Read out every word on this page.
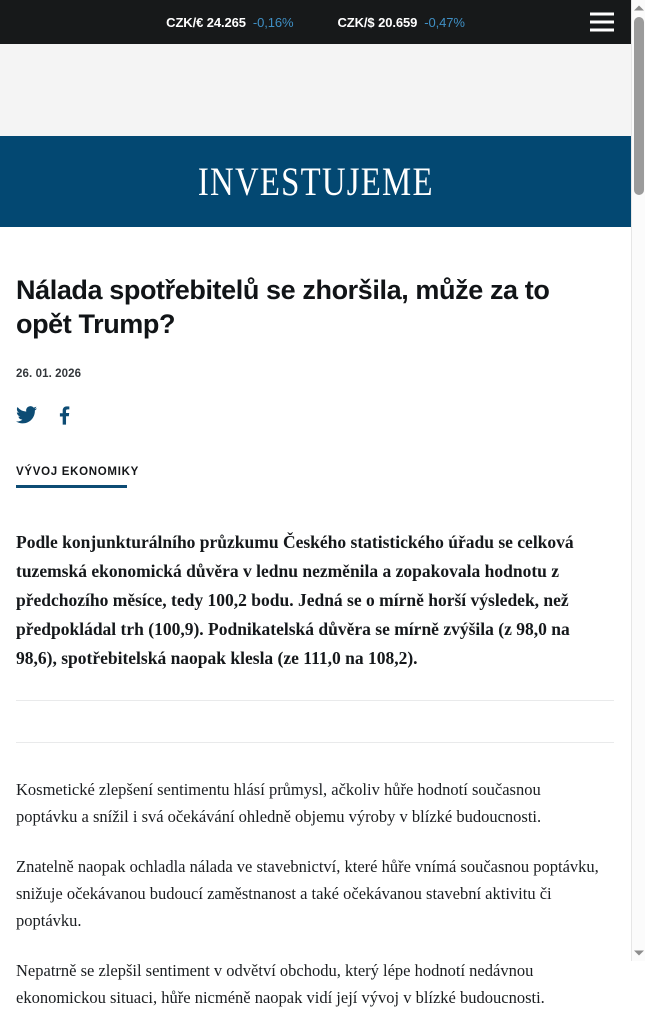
CZK/€ 24.265 -0,16%	CZK/$ 20.659 -0,47%
INVESTUJEME
Nálada spotřebitelů se zhoršila, může za to opět Trump?
26. 01. 2026
VÝVOJ EKONOMIKY

Podle konjunkturálního průzkumu Českého statistického úřadu se celková tuzemská ekonomická důvěra v lednu nezměnila a zopakovala hodnotu z předchozího měsíce, tedy 100,2 bodu. Jedná se o mírně horší výsledek, než předpokládal trh (100,9). Podnikatelská důvěra se mírně zvýšila (z 98,0 na 98,6), spotřebitelská naopak klesla (ze 111,0 na 108,2).

Kosmetické zlepšení sentimentu hlásí průmysl, ačkoliv hůře hodnotí současnou poptávku a snížil i svá očekávání ohledně objemu výroby v blízké budoucnosti.

Znatelně naopak ochladla nálada ve stavebnictví, které hůře vnímá současnou poptávku, snižuje očekávanou budoucí zaměstnanost a také očekávanou stavební aktivitu či poptávku.

Nepatrně se zlepšil sentiment v odvětví obchodu, který lépe hodnotí nedávnou ekonomickou situaci, hůře nicméně naopak vidí její vývoj v blízké budoucnosti.
